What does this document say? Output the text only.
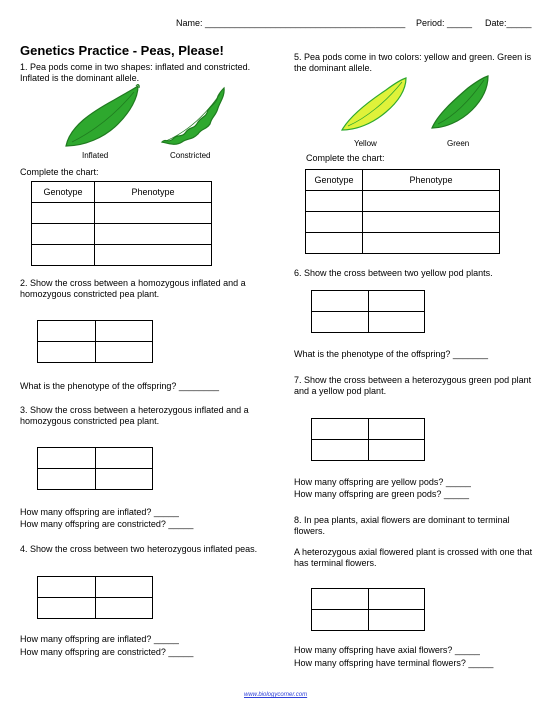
Name: ________________________________________ Period: _____ Date:_____
Genetics Practice - Peas, Please!
1. Pea pods come in two shapes: inflated and constricted. Inflated is the dominant allele.
Inflated	Constricted
Complete the chart:
Genotype	Phenotype

2. Show the cross between a homozygous inflated and a homozygous constricted pea plant.

What is the phenotype of the offspring? ________
3. Show the cross between a heterozygous inflated and a homozygous constricted pea plant.

How many offspring are inflated? _____
How many offspring are constricted? _____
4. Show the cross between two heterozygous inflated peas.

How many offspring are inflated? _____
How many offspring are constricted? _____
5. Pea pods come in two colors: yellow and green. Green is the dominant allele.
Yellow	Green
Complete the chart:
Genotype	Phenotype

6. Show the cross between two yellow pod plants.

What is the phenotype of the offspring? _______
7. Show the cross between a heterozygous green pod plant and a yellow pod plant.

How many offspring are yellow pods? _____
How many offspring are green pods? _____
8. In pea plants, axial flowers are dominant to terminal flowers.
A heterozygous axial flowered plant is crossed with one that has terminal flowers.

How many offspring have axial flowers? _____
How many offspring have terminal flowers? _____
www.biologycorner.com
